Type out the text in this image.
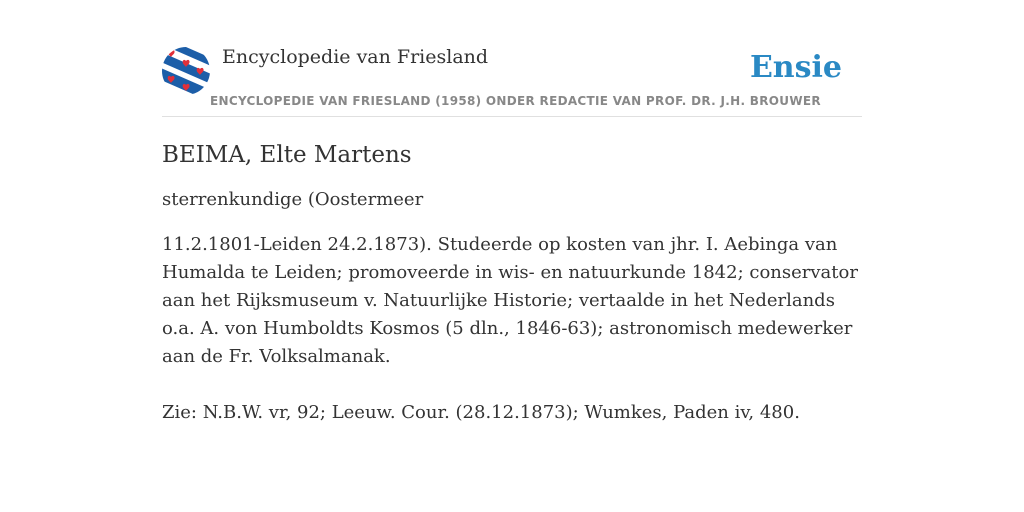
Encyclopedie van Friesland	Ensie
ENCYCLOPEDIE VAN FRIESLAND (1958) ONDER REDACTIE VAN PROF. DR. J.H. BROUWER
BEIMA, Elte Martens

sterrenkundige (Oostermeer

11.2.1801-Leiden 24.2.1873). Studeerde op kosten van jhr. I. Aebinga van Humalda te Leiden; promoveerde in wis- en natuurkunde 1842; conservator aan het Rijksmuseum v. Natuurlijke Historie; vertaalde in het Nederlands o.a. A. von Humboldts Kosmos (5 dln., 1846-63); astronomisch medewerker aan de Fr. Volksalmanak.

Zie: N.B.W. vr, 92; Leeuw. Cour. (28.12.1873); Wumkes, Paden iv, 480.
